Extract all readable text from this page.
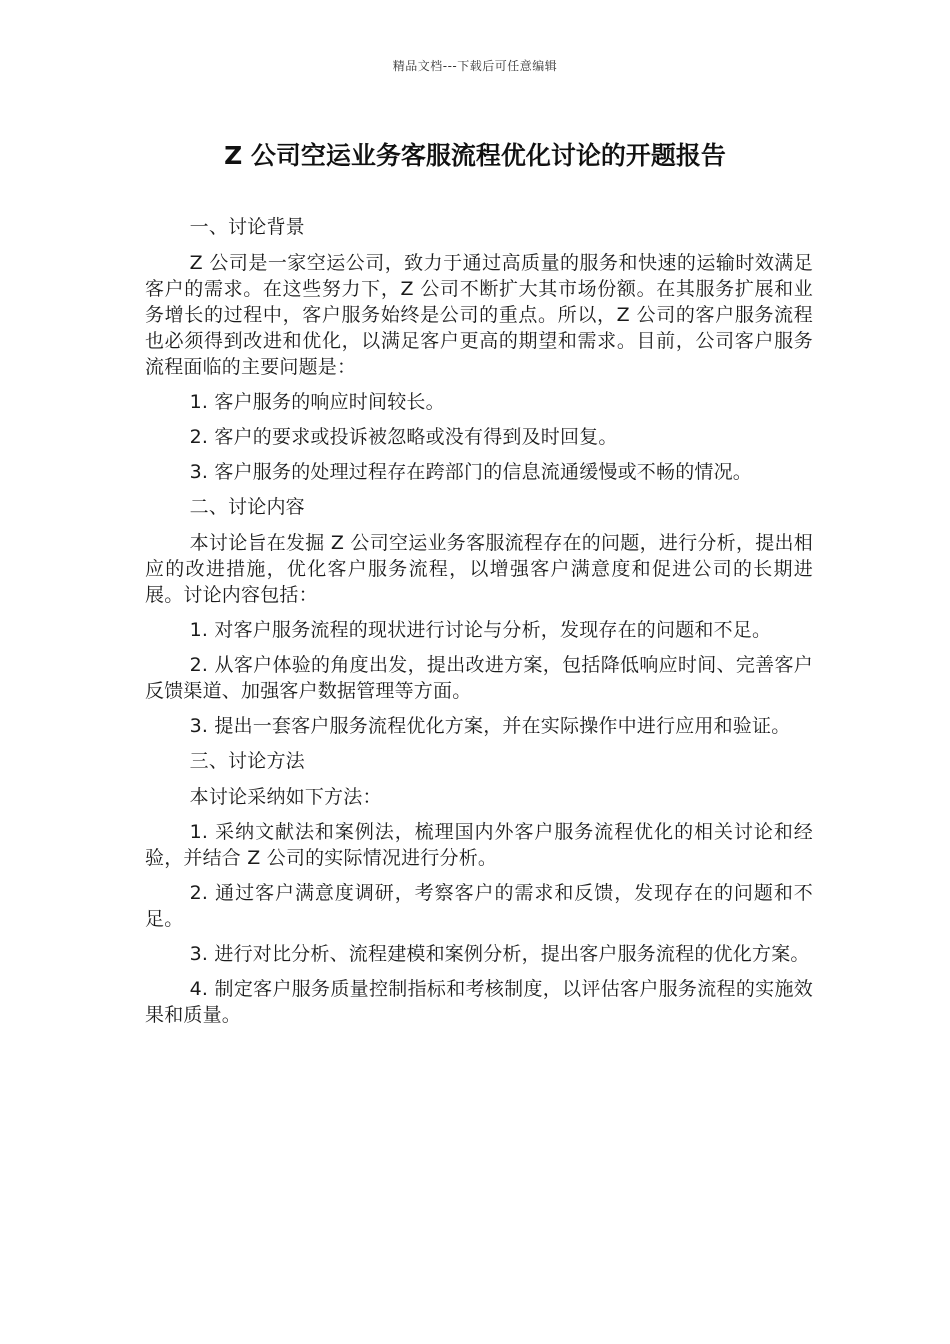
精品文档---下载后可任意编辑
Z 公司空运业务客服流程优化讨论的开题报告

一、讨论背景

Z 公司是一家空运公司，致力于通过高质量的服务和快速的运输时效满足客户的需求。在这些努力下，Z 公司不断扩大其市场份额。在其服务扩展和业务增长的过程中，客户服务始终是公司的重点。所以，Z 公司的客户服务流程也必须得到改进和优化，以满足客户更高的期望和需求。目前，公司客户服务流程面临的主要问题是：

1. 客户服务的响应时间较长。

2. 客户的要求或投诉被忽略或没有得到及时回复。

3. 客户服务的处理过程存在跨部门的信息流通缓慢或不畅的情况。

二、讨论内容

本讨论旨在发掘 Z 公司空运业务客服流程存在的问题，进行分析，提出相应的改进措施，优化客户服务流程，以增强客户满意度和促进公司的长期进展。讨论内容包括：

1. 对客户服务流程的现状进行讨论与分析，发现存在的问题和不足。

2. 从客户体验的角度出发，提出改进方案，包括降低响应时间、完善客户反馈渠道、加强客户数据管理等方面。

3. 提出一套客户服务流程优化方案，并在实际操作中进行应用和验证。

三、讨论方法

本讨论采纳如下方法：

1. 采纳文献法和案例法，梳理国内外客户服务流程优化的相关讨论和经验，并结合 Z 公司的实际情况进行分析。

2. 通过客户满意度调研，考察客户的需求和反馈，发现存在的问题和不足。

3. 进行对比分析、流程建模和案例分析，提出客户服务流程的优化方案。

4. 制定客户服务质量控制指标和考核制度，以评估客户服务流程的实施效果和质量。
